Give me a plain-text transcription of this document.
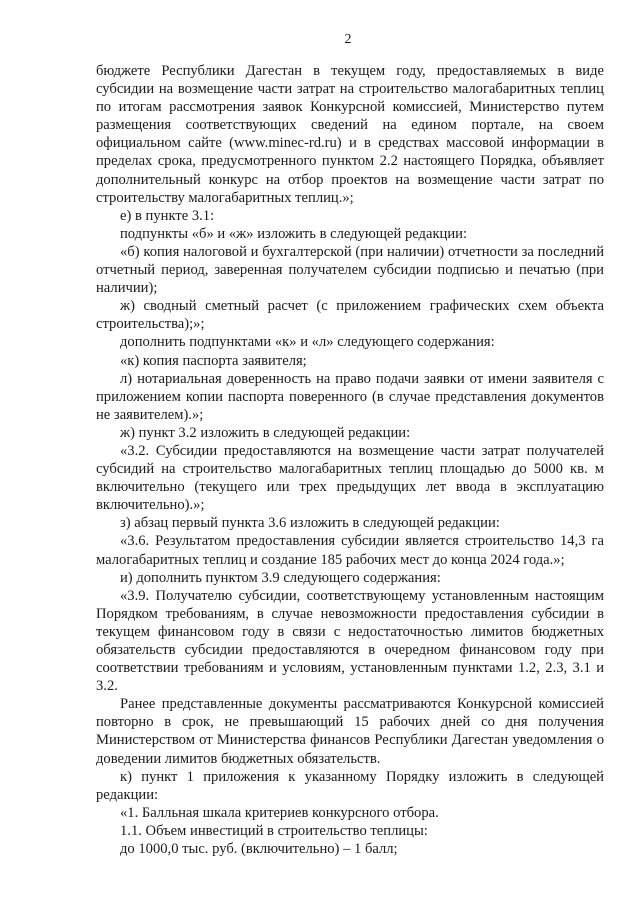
2

бюджете Республики Дагестан в текущем году, предоставляемых в виде субсидии на возмещение части затрат на строительство малогабаритных теплиц по итогам рассмотрения заявок Конкурсной комиссией, Министерство путем размещения соответствующих сведений на едином портале, на своем официальном сайте (www.minec-rd.ru) и в средствах массовой информации в пределах срока, предусмотренного пунктом 2.2 настоящего Порядка, объявляет дополнительный конкурс на отбор проектов на возмещение части затрат по строительству малогабаритных теплиц.»;

е) в пункте 3.1:

подпункты «б» и «ж» изложить в следующей редакции:

«б) копия налоговой и бухгалтерской (при наличии) отчетности за последний отчетный период, заверенная получателем субсидии подписью и печатью (при наличии);

ж) сводный сметный расчет (с приложением графических схем объекта строительства);»;

дополнить подпунктами «к» и «л» следующего содержания:

«к) копия паспорта заявителя;

л) нотариальная доверенность на право подачи заявки от имени заявителя с приложением копии паспорта поверенного (в случае представления документов не заявителем).»;

ж) пункт 3.2 изложить в следующей редакции:

«3.2. Субсидии предоставляются на возмещение части затрат получателей субсидий на строительство малогабаритных теплиц площадью до 5000 кв. м включительно (текущего или трех предыдущих лет ввода в эксплуатацию включительно).»;

з) абзац первый пункта 3.6 изложить в следующей редакции:

«3.6. Результатом предоставления субсидии является строительство 14,3 га малогабаритных теплиц и создание 185 рабочих мест до конца 2024 года.»;

и) дополнить пунктом 3.9 следующего содержания:

«3.9. Получателю субсидии, соответствующему установленным настоящим Порядком требованиям, в случае невозможности предоставления субсидии в текущем финансовом году в связи с недостаточностью лимитов бюджетных обязательств субсидии предоставляются в очередном финансовом году при соответствии требованиям и условиям, установленным пунктами 1.2, 2.3, 3.1 и 3.2.

Ранее представленные документы рассматриваются Конкурсной комиссией повторно в срок, не превышающий 15 рабочих дней со дня получения Министерством от Министерства финансов Республики Дагестан уведомления о доведении лимитов бюджетных обязательств.

к) пункт 1 приложения к указанному Порядку изложить в следующей редакции:

«1. Балльная шкала критериев конкурсного отбора.

1.1. Объем инвестиций в строительство теплицы:

до 1000,0 тыс. руб. (включительно) – 1 балл;
